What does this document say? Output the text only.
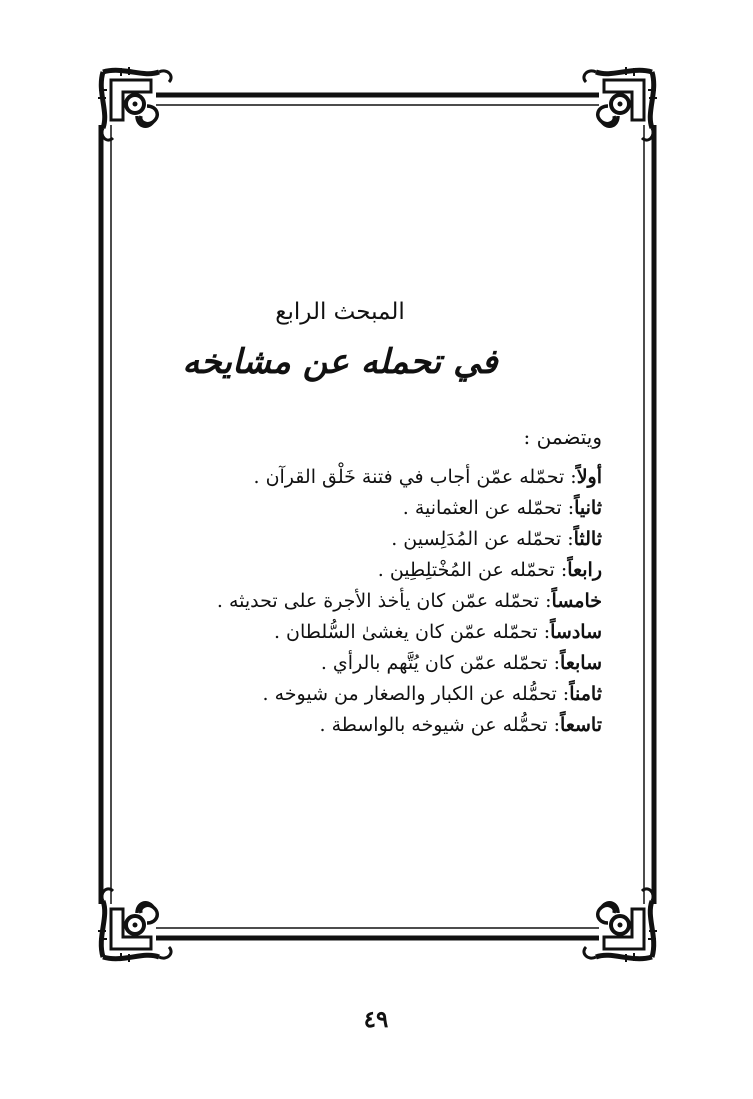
المبحث الرابع
في تحمله عن مشايخه
ويتضمن :
أولاً: تحمّله عمّن أجاب في فتنة خَلْق القرآن .
ثانياً: تحمّله عن العثمانية .
ثالثاً: تحمّله عن المُدَلِسين .
رابعاً: تحمّله عن المُخْتلِطِين .
خامساً: تحمّله عمّن كان يأخذ الأجرة على تحديثه .
سادساً: تحمّله عمّن كان يغشىٰ السُّلطان .
سابعاً: تحمّله عمّن كان يُتَّهم بالرأي .
ثامناً: تحمُّله عن الكبار والصغار من شيوخه .
تاسعاً: تحمُّله عن شيوخه بالواسطة .
٤٩
